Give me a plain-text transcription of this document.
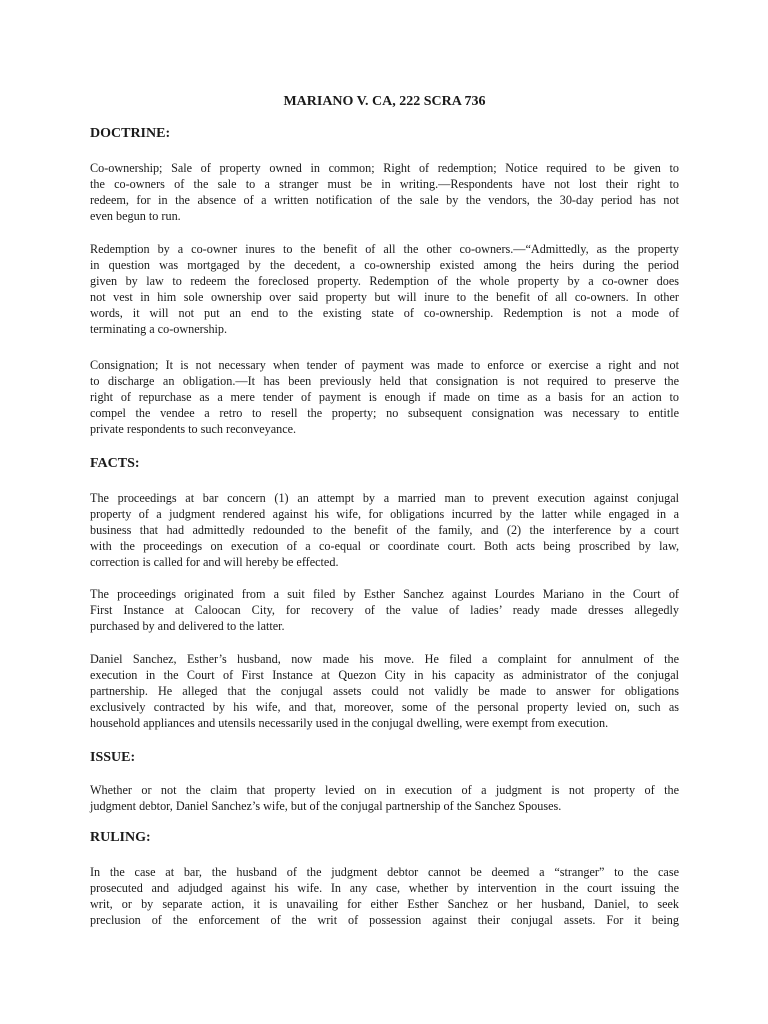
MARIANO V. CA, 222 SCRA 736
DOCTRINE:
Co-ownership; Sale of property owned in common; Right of redemption; Notice required to be given to
the co-owners of the sale to a stranger must be in writing.—Respondents have not lost their right to
redeem, for in the absence of a written notification of the sale by the vendors, the 30-day period has not
even begun to run.
Redemption by a co-owner inures to the benefit of all the other co-owners.—“Admittedly, as the property
in question was mortgaged by the decedent, a co-ownership existed among the heirs during the period
given by law to redeem the foreclosed property. Redemption of the whole property by a co-owner does
not vest in him sole ownership over said property but will inure to the benefit of all co-owners. In other
words, it will not put an end to the existing state of co-ownership. Redemption is not a mode of
terminating a co-ownership.
Consignation; It is not necessary when tender of payment was made to enforce or exercise a right and not
to discharge an obligation.—It has been previously held that consignation is not required to preserve the
right of repurchase as a mere tender of payment is enough if made on time as a basis for an action to
compel the vendee a retro to resell the property; no subsequent consignation was necessary to entitle
private respondents to such reconveyance.
FACTS:
The proceedings at bar concern (1) an attempt by a married man to prevent execution against conjugal
property of a judgment rendered against his wife, for obligations incurred by the latter while engaged in a
business that had admittedly redounded to the benefit of the family, and (2) the interference by a court
with the proceedings on execution of a co-equal or coordinate court. Both acts being proscribed by law,
correction is called for and will hereby be effected.
The proceedings originated from a suit filed by Esther Sanchez against Lourdes Mariano in the Court of
First Instance at Caloocan City, for recovery of the value of ladies’ ready made dresses allegedly
purchased by and delivered to the latter.
Daniel Sanchez, Esther’s husband, now made his move. He filed a complaint for annulment of the
execution in the Court of First Instance at Quezon City in his capacity as administrator of the conjugal
partnership. He alleged that the conjugal assets could not validly be made to answer for obligations
exclusively contracted by his wife, and that, moreover, some of the personal property levied on, such as
household appliances and utensils necessarily used in the conjugal dwelling, were exempt from execution.
ISSUE:
Whether or not the claim that property levied on in execution of a judgment is not property of the
judgment debtor, Daniel Sanchez’s wife, but of the conjugal partnership of the Sanchez Spouses.
RULING:
In the case at bar, the husband of the judgment debtor cannot be deemed a “stranger” to the case
prosecuted and adjudged against his wife. In any case, whether by intervention in the court issuing the
writ, or by separate action, it is unavailing for either Esther Sanchez or her husband, Daniel, to seek
preclusion of the enforcement of the writ of possession against their conjugal assets. For it being
